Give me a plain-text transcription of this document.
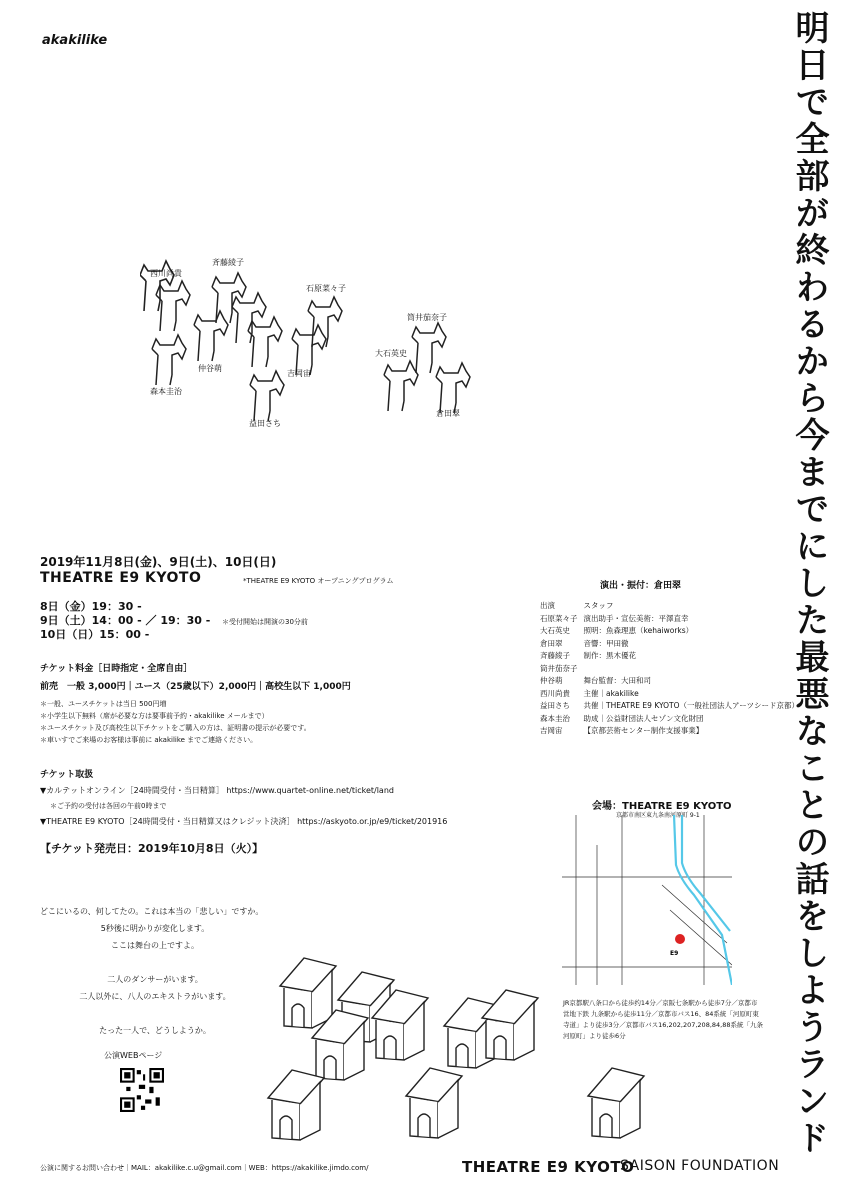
akakilike	明日で全部が終わるから今までにした最悪なことの話をしようランド
西川尚貴
斉藤綾子
石原菜々子
筒井茄奈子
仲谷萌
大石英史
吉岡宙
森本圭治
益田さち
倉田翠
2019年11月8日(金)、9日(土)、10日(日)
THEATRE E9 KYOTO	*THEATRE E9 KYOTO オープニングプログラム
8日（金）19：30 -
9日（土）14：00 - ／ 19：30 -
10日（日）15：00 -
＊受付開始は開演の30分前
チケット料金［日時指定・全席自由］
前売　一般 3,000円｜ユース（25歳以下）2,000円｜高校生以下 1,000円
＊一般、ユースチケットは当日 500円増
＊小学生以下無料（席が必要な方は要事前予約・akakilike メールまで）
＊ユースチケット及び高校生以下チケットをご購入の方は、証明書の提示が必要です。
＊車いすでご来場のお客様は事前に akakilike までご連絡ください。
チケット取扱
▼カルテットオンライン［24時間受付・当日精算］ https://www.quartet-online.net/ticket/land
＊ご予約の受付は各回の午前0時まで
▼THEATRE E9 KYOTO［24時間受付・当日精算又はクレジット決済］ https://askyoto.or.jp/e9/ticket/201916
【チケット発売日：2019年10月8日（火）】
演出・振付：倉田翠
出演	スタッフ
石原菜々子	演出助手・宣伝美術：平澤直幸
大石英史	照明：魚森理恵（kehaiworks）
倉田翠	音響：甲田徹
斉藤綾子	制作：黒木優花
筒井茄奈子	
仲谷萌	舞台監督：大田和司
西川尚貴	主催｜akakilike
益田さち	共催｜THEATRE E9 KYOTO（一般社団法人アーツシード京都）
森本圭治	助成｜公益財団法人セゾン文化財団
吉岡宙	【京都芸術センター制作支援事業】
会場：THEATRE E9 KYOTO
京都市南区東九条南河原町 9-1
E9
JR京都駅八条口から徒歩约14分／京阪七条駅から徒歩7分／京都市営地下鉄 九条駅から徒歩11分／京都市バス16、84系統「河原町東寺道」より徒歩3分／京都市バス16,202,207,208,84,88系統「九条河原町」より徒歩6分
どこにいるの、何してたの。これは本当の「悲しい」ですか。
5秒後に明かりが変化します。
ここは舞台の上ですよ。

二人のダンサーがいます。
二人以外に、八人のエキストラがいます。

たった一人で、どうしようか。
公演WEBページ
公演に関するお問い合わせ｜MAIL：akakilike.c.u@gmail.com｜WEB：https://akakilike.jimdo.com/	THEATRE E9 KYOTO
SAISON FOUNDATION
